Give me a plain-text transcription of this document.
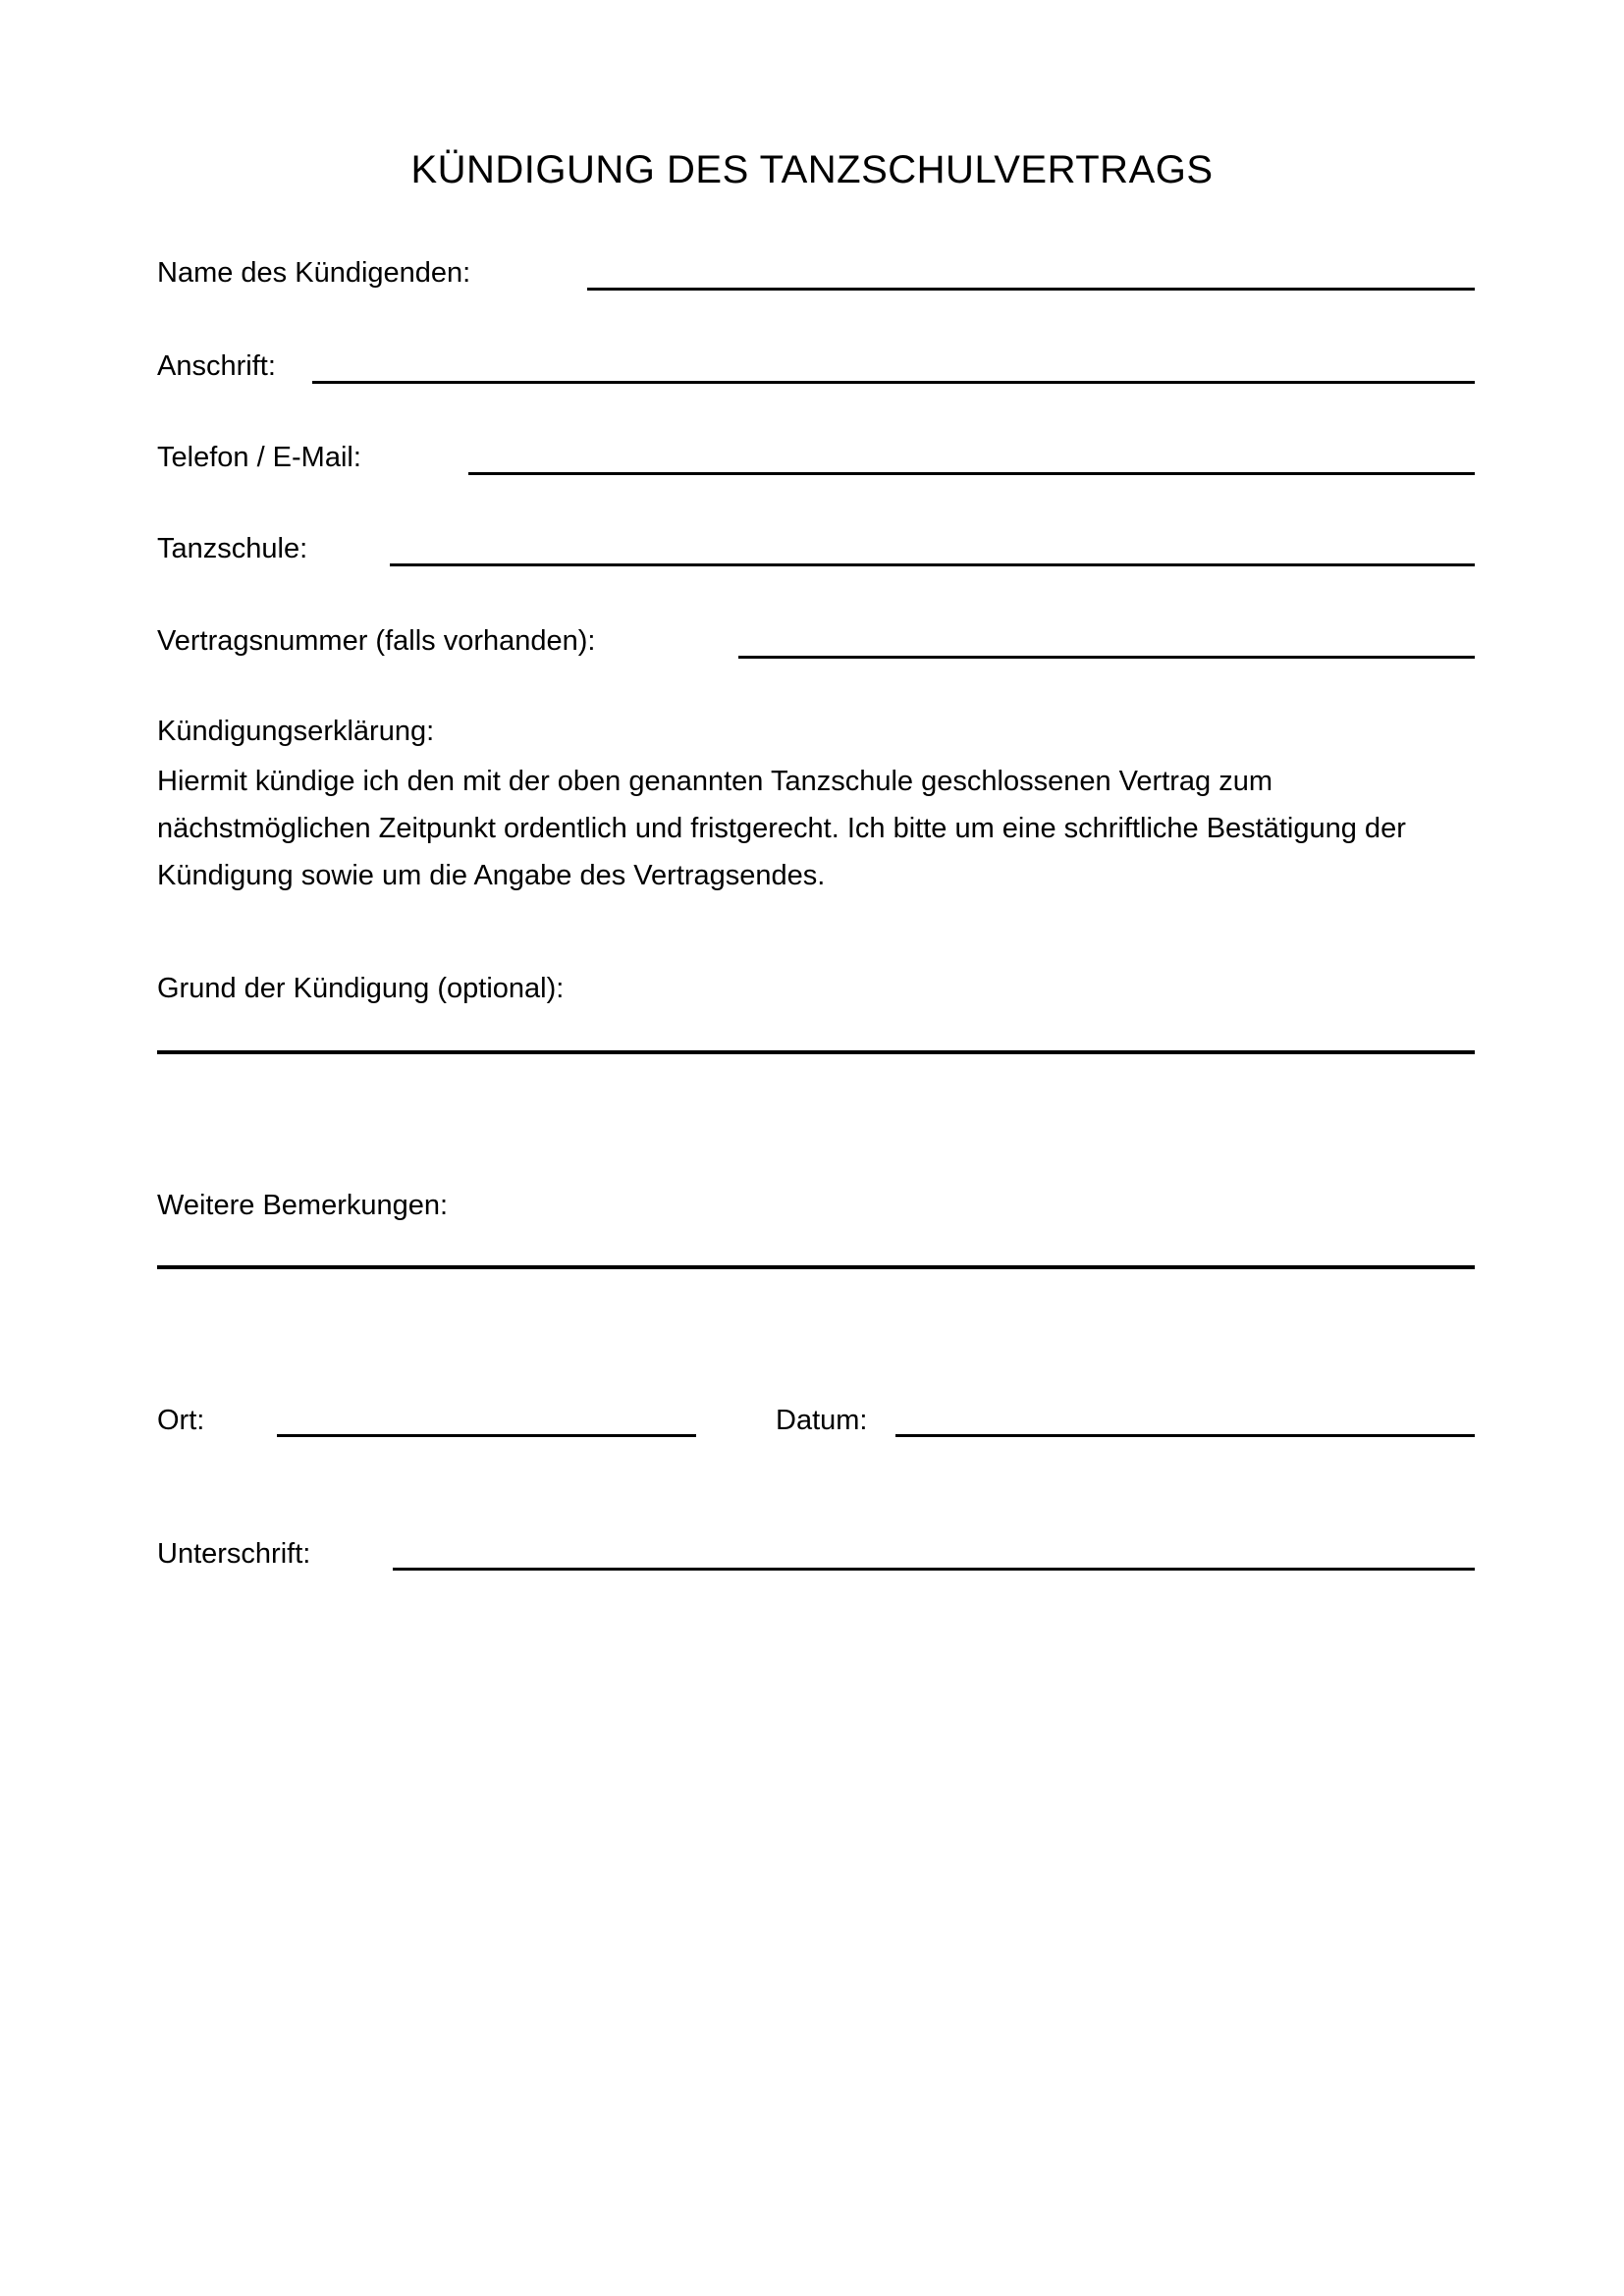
KÜNDIGUNG DES TANZSCHULVERTRAGS
Name des Kündigenden:
Anschrift:
Telefon / E-Mail:
Tanzschule:
Vertragsnummer (falls vorhanden):
Kündigungserklärung:
Hiermit kündige ich den mit der oben genannten Tanzschule geschlossenen Vertrag zum nächstmöglichen Zeitpunkt ordentlich und fristgerecht. Ich bitte um eine schriftliche Bestätigung der Kündigung sowie um die Angabe des Vertragsendes.
Grund der Kündigung (optional):
Weitere Bemerkungen:
Ort:	Datum:
Unterschrift:
